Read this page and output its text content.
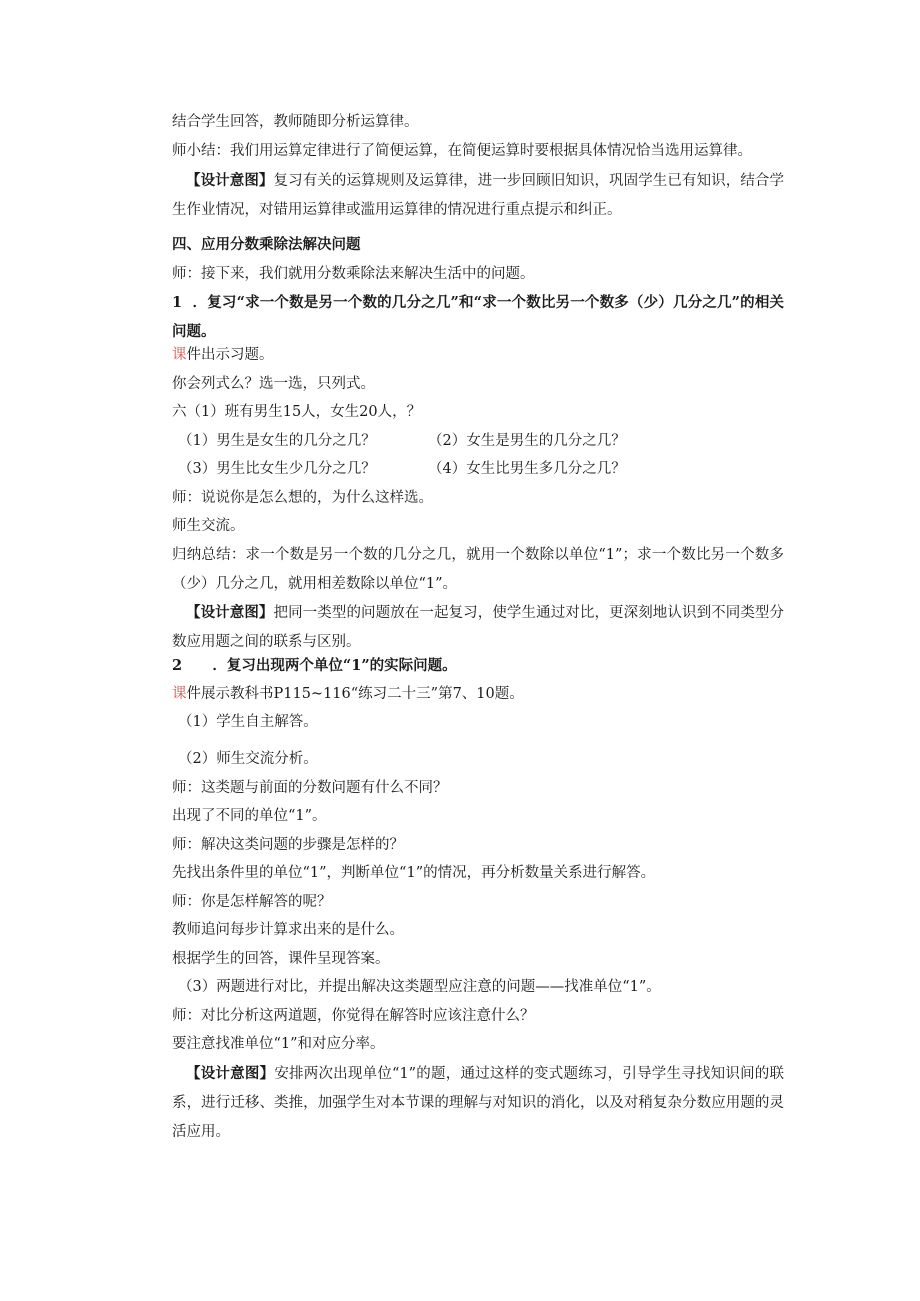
结合学生回答，教师随即分析运算律。
师小结：我们用运算定律进行了简便运算，在简便运算时要根据具体情况恰当选用运算律。
【设计意图】复习有关的运算规则及运算律，进一步回顾旧知识，巩固学生已有知识，结合学生作业情况，对错用运算律或滥用运算律的情况进行重点提示和纠正。
四、应用分数乘除法解决问题
师：接下来，我们就用分数乘除法来解决生活中的问题。
1 ．复习“求一个数是另一个数的几分之几”和“求一个数比另一个数多（少）几分之几”的相关问题。
课件出示习题。
你会列式么？选一选，只列式。
六（1）班有男生15人，女生20人，？
（1）男生是女生的几分之几？	（2）女生是男生的几分之几？
（3）男生比女生少几分之几？	（4）女生比男生多几分之几？
师：说说你是怎么想的，为什么这样选。
师生交流。
归纳总结：求一个数是另一个数的几分之几，就用一个数除以单位“1”；求一个数比另一个数多（少）几分之几，就用相差数除以单位“1”。
【设计意图】把同一类型的问题放在一起复习，使学生通过对比，更深刻地认识到不同类型分数应用题之间的联系与区别。
2 ．复习出现两个单位“1”的实际问题。
课件展示教科书P115~116“练习二十三”第7、10题。
（1）学生自主解答。
（2）师生交流分析。
师：这类题与前面的分数问题有什么不同？
出现了不同的单位“1”。
师：解决这类问题的步骤是怎样的？
先找出条件里的单位“1”，判断单位“1”的情况，再分析数量关系进行解答。
师：你是怎样解答的呢？
教师追问每步计算求出来的是什么。
根据学生的回答，课件呈现答案。
（3）两题进行对比，并提出解决这类题型应注意的问题——找准单位“1”。
师：对比分析这两道题，你觉得在解答时应该注意什么？
要注意找准单位“1”和对应分率。
【设计意图】安排两次出现单位“1”的题，通过这样的变式题练习，引导学生寻找知识间的联系，进行迁移、类推，加强学生对本节课的理解与对知识的消化，以及对稍复杂分数应用题的灵活应用。
